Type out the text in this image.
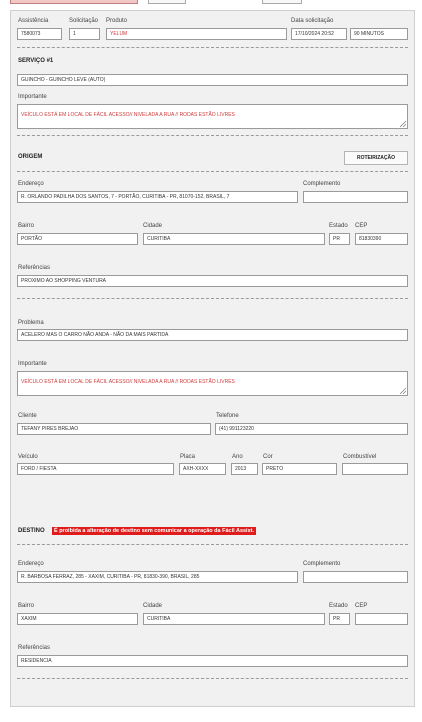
Assistência
7580073
Solicitação
1
Produto
YELUM
Data solicitação
17/10/2024 20:52	90 MINUTOS
SERVIÇO #1
GUINCHO - GUINCHO LEVE (AUTO)
Importante
VEÍCULO ESTÁ EM LOCAL DE FÁCIL ACESSO// NIVELADA A RUA // RODAS ESTÃO LIVRES
ORIGEM	ROTEIRIZAÇÃO
Endereço
R. ORLANDO PADILHA DOS SANTOS, 7 - PORTÃO, CURITIBA - PR, 81070-152, BRASIL, 7
Complemento
Bairro
PORTÃO
Cidade
CURITIBA
Estado
PR
CEP
81830390
Referências
PROXIMO AO SHOPPING VENTURA
Problema
ACELERO MAS O CARRO NÃO ANDA - NÃO DA MAIS PARTIDA
Importante
VEÍCULO ESTÁ EM LOCAL DE FÁCIL ACESSO// NIVELADA A RUA // RODAS ESTÃO LIVRES
Cliente
TEFANY PIRES BREJAO
Telefone
(41) 991123220
Veículo
FORD / FIESTA
Placa
AXH-XXXX
Ano
2013
Cor
PRETO
Combustível
DESTINO	É proibida a alteração de destino sem comunicar a operação da Fácil Assist.
Endereço
R. BARBOSA FERRAZ, 285 - XAXIM, CURITIBA - PR, 81830-390, BRASIL, 285
Complemento
Bairro
XAXIM
Cidade
CURITIBA
Estado
PR
CEP
Referências
RESIDENCIA
